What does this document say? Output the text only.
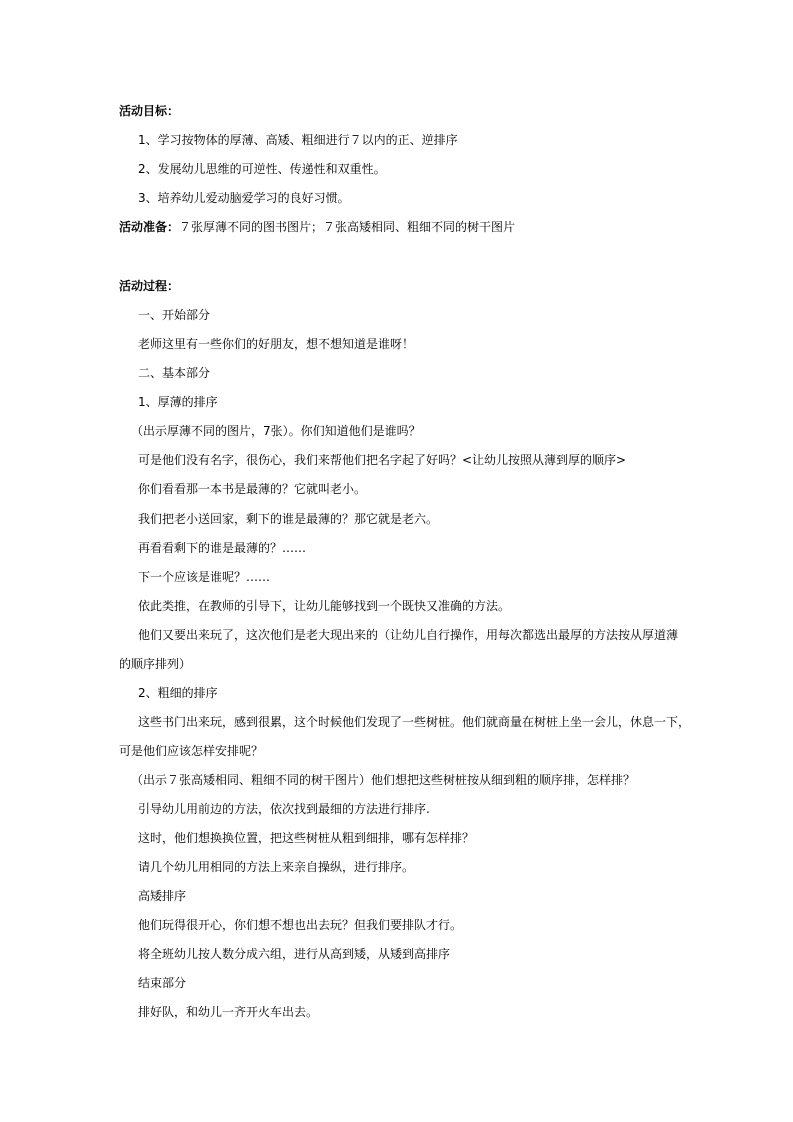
活动目标：
1、学习按物体的厚薄、高矮、粗细进行７以内的正、逆排序
2、发展幼儿思维的可逆性、传递性和双重性。
3、培养幼儿爱动脑爱学习的良好习惯。
活动准备：７张厚薄不同的图书图片；７张高矮相同、粗细不同的树干图片
活动过程：
一、开始部分
老师这里有一些你们的好朋友，想不想知道是谁呀！
二、基本部分
1、厚薄的排序
（出示厚薄不同的图片，7张）。你们知道他们是谁吗？
可是他们没有名字，很伤心，我们来帮他们把名字起了好吗？<让幼儿按照从薄到厚的顺序>
你们看看那一本书是最薄的？它就叫老小。
我们把老小送回家，剩下的谁是最薄的？那它就是老六。
再看看剩下的谁是最薄的？……
下一个应该是谁呢？……
依此类推，在教师的引导下，让幼儿能够找到一个既快又准确的方法。
他们又要出来玩了，这次他们是老大现出来的（让幼儿自行操作，用每次都选出最厚的方法按从厚道薄
的顺序排列）
2、粗细的排序
这些书门出来玩，感到很累，这个时候他们发现了一些树桩。他们就商量在树桩上坐一会儿，休息一下，
可是他们应该怎样安排呢？
（出示７张高矮相同、粗细不同的树干图片）他们想把这些树桩按从细到粗的顺序排，怎样排？
引导幼儿用前边的方法，依次找到最细的方法进行排序.
这时，他们想换换位置，把这些树桩从粗到细排，哪有怎样排？
请几个幼儿用相同的方法上来亲自操纵，进行排序。
高矮排序
他们玩得很开心，你们想不想也出去玩？但我们要排队才行。
将全班幼儿按人数分成六组，进行从高到矮，从矮到高排序
结束部分
排好队，和幼儿一齐开火车出去。
